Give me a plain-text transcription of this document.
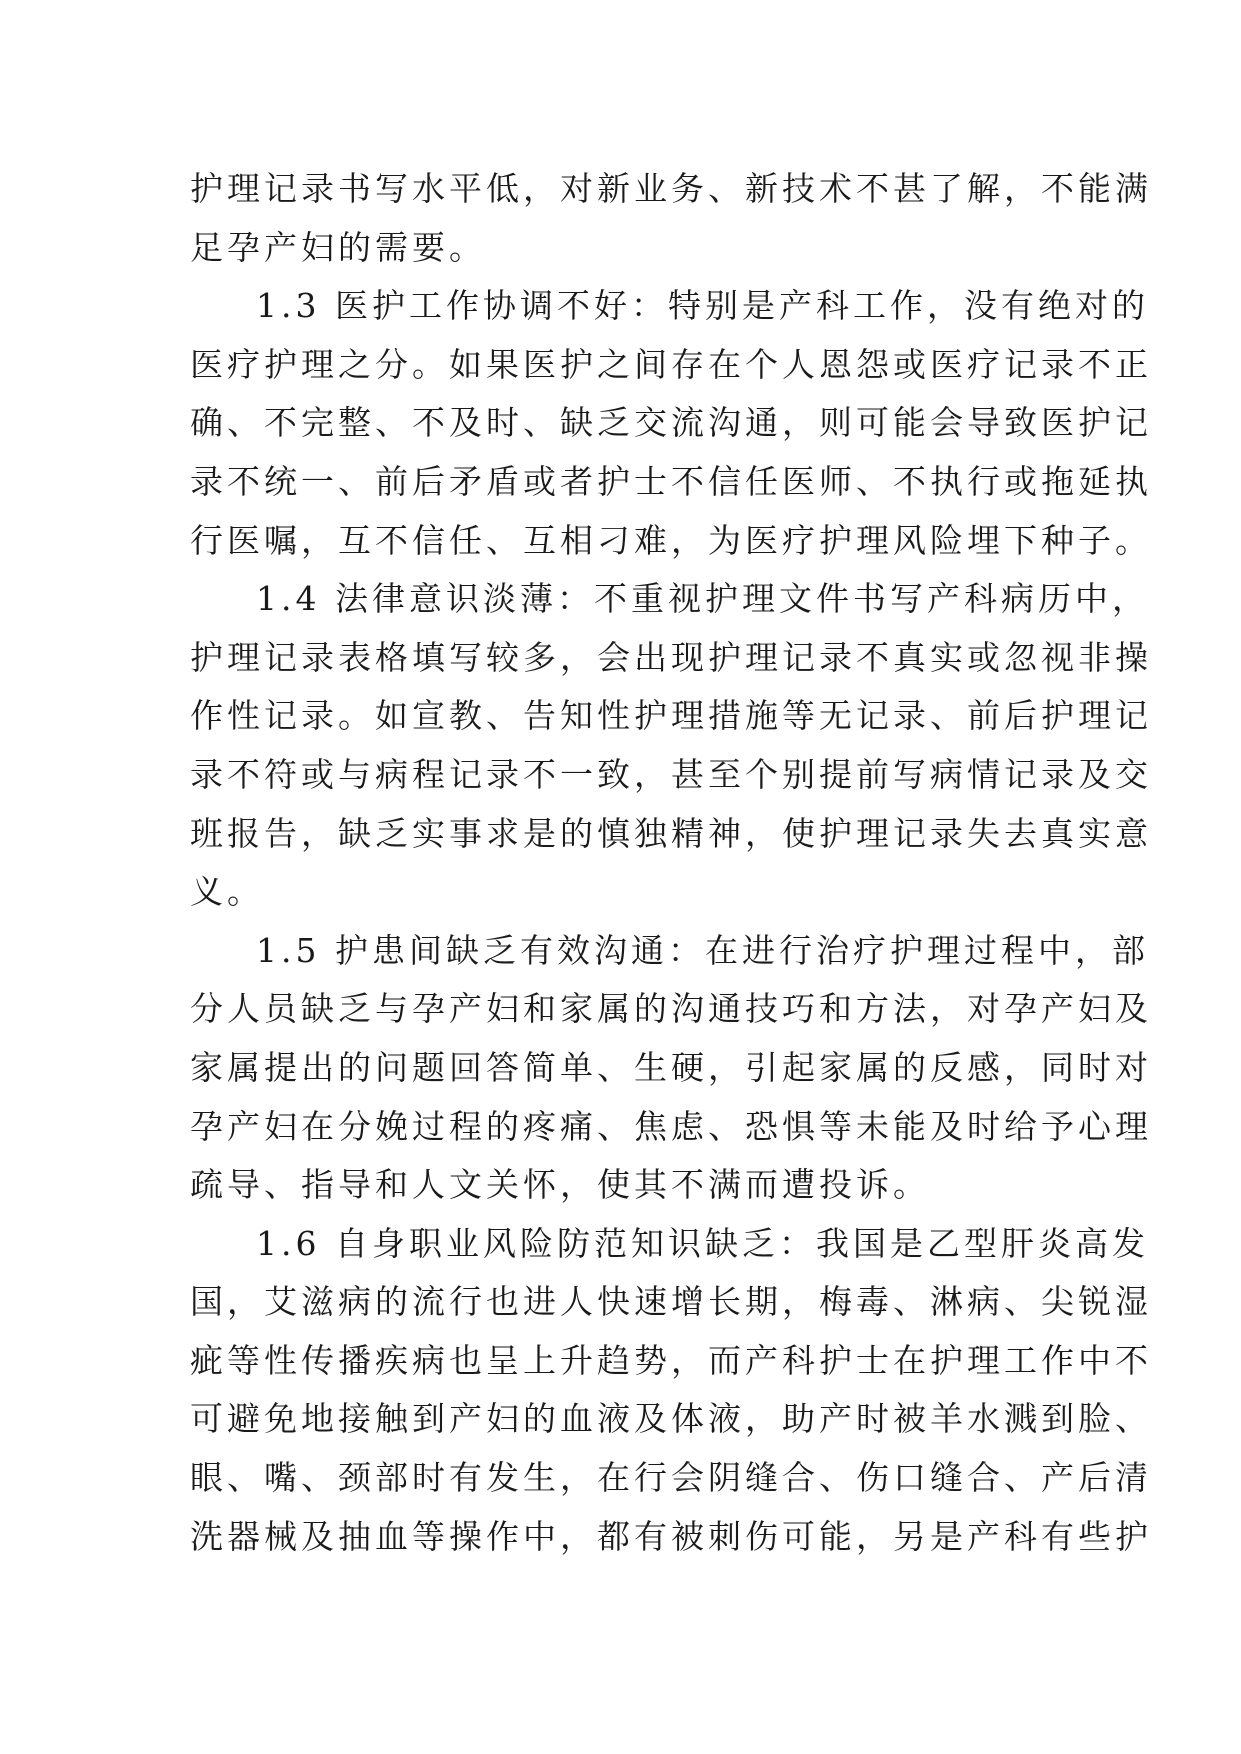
护理记录书写水平低，对新业务、新技术不甚了解，不能满
足孕产妇的需要。
1.3 医护工作协调不好：特别是产科工作，没有绝对的
医疗护理之分。如果医护之间存在个人恩怨或医疗记录不正
确、不完整、不及时、缺乏交流沟通，则可能会导致医护记
录不统一、前后矛盾或者护士不信任医师、不执行或拖延执
行医嘱，互不信任、互相刁难，为医疗护理风险埋下种子。
1.4 法律意识淡薄：不重视护理文件书写产科病历中，
护理记录表格填写较多，会出现护理记录不真实或忽视非操
作性记录。如宣教、告知性护理措施等无记录、前后护理记
录不符或与病程记录不一致，甚至个别提前写病情记录及交
班报告，缺乏实事求是的慎独精神，使护理记录失去真实意
义。
1.5 护患间缺乏有效沟通：在进行治疗护理过程中，部
分人员缺乏与孕产妇和家属的沟通技巧和方法，对孕产妇及
家属提出的问题回答简单、生硬，引起家属的反感，同时对
孕产妇在分娩过程的疼痛、焦虑、恐惧等未能及时给予心理
疏导、指导和人文关怀，使其不满而遭投诉。
1.6 自身职业风险防范知识缺乏：我国是乙型肝炎高发
国，艾滋病的流行也进人快速增长期，梅毒、淋病、尖锐湿
疵等性传播疾病也呈上升趋势，而产科护士在护理工作中不
可避免地接触到产妇的血液及体液，助产时被羊水溅到脸、
眼、嘴、颈部时有发生，在行会阴缝合、伤口缝合、产后清
洗器械及抽血等操作中，都有被刺伤可能，另是产科有些护
